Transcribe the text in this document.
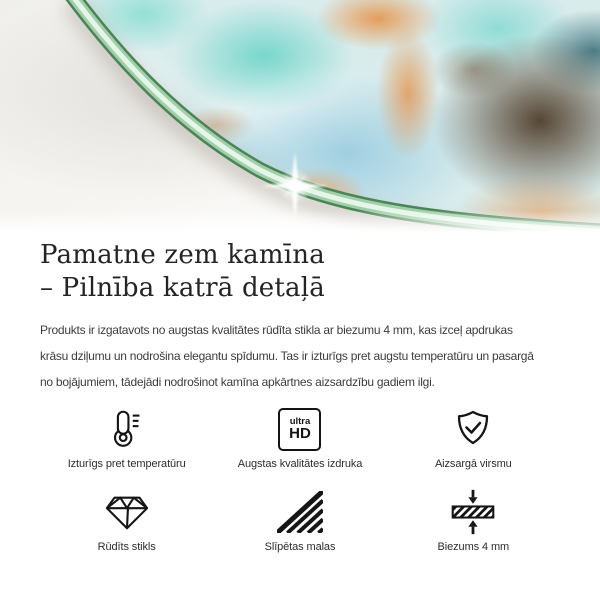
Pamatne zem kamīna
– Pilnība katrā detaļā
Produkts ir izgatavots no augstas kvalitātes rūdīta stikla ar biezumu 4 mm, kas izceļ apdrukas
krāsu dziļumu un nodrošina elegantu spīdumu. Tas ir izturīgs pret augstu temperatūru un pasargā
no bojājumiem, tādejādi nodrošinot kamīna apkārtnes aizsardzību gadiem ilgi.
Izturīgs pret temperatūru
ultra
HD
Augstas kvalitātes izdruka	Aizsargā virsmu
Rūdīts stikls	Slīpētas malas	Biezums 4 mm
